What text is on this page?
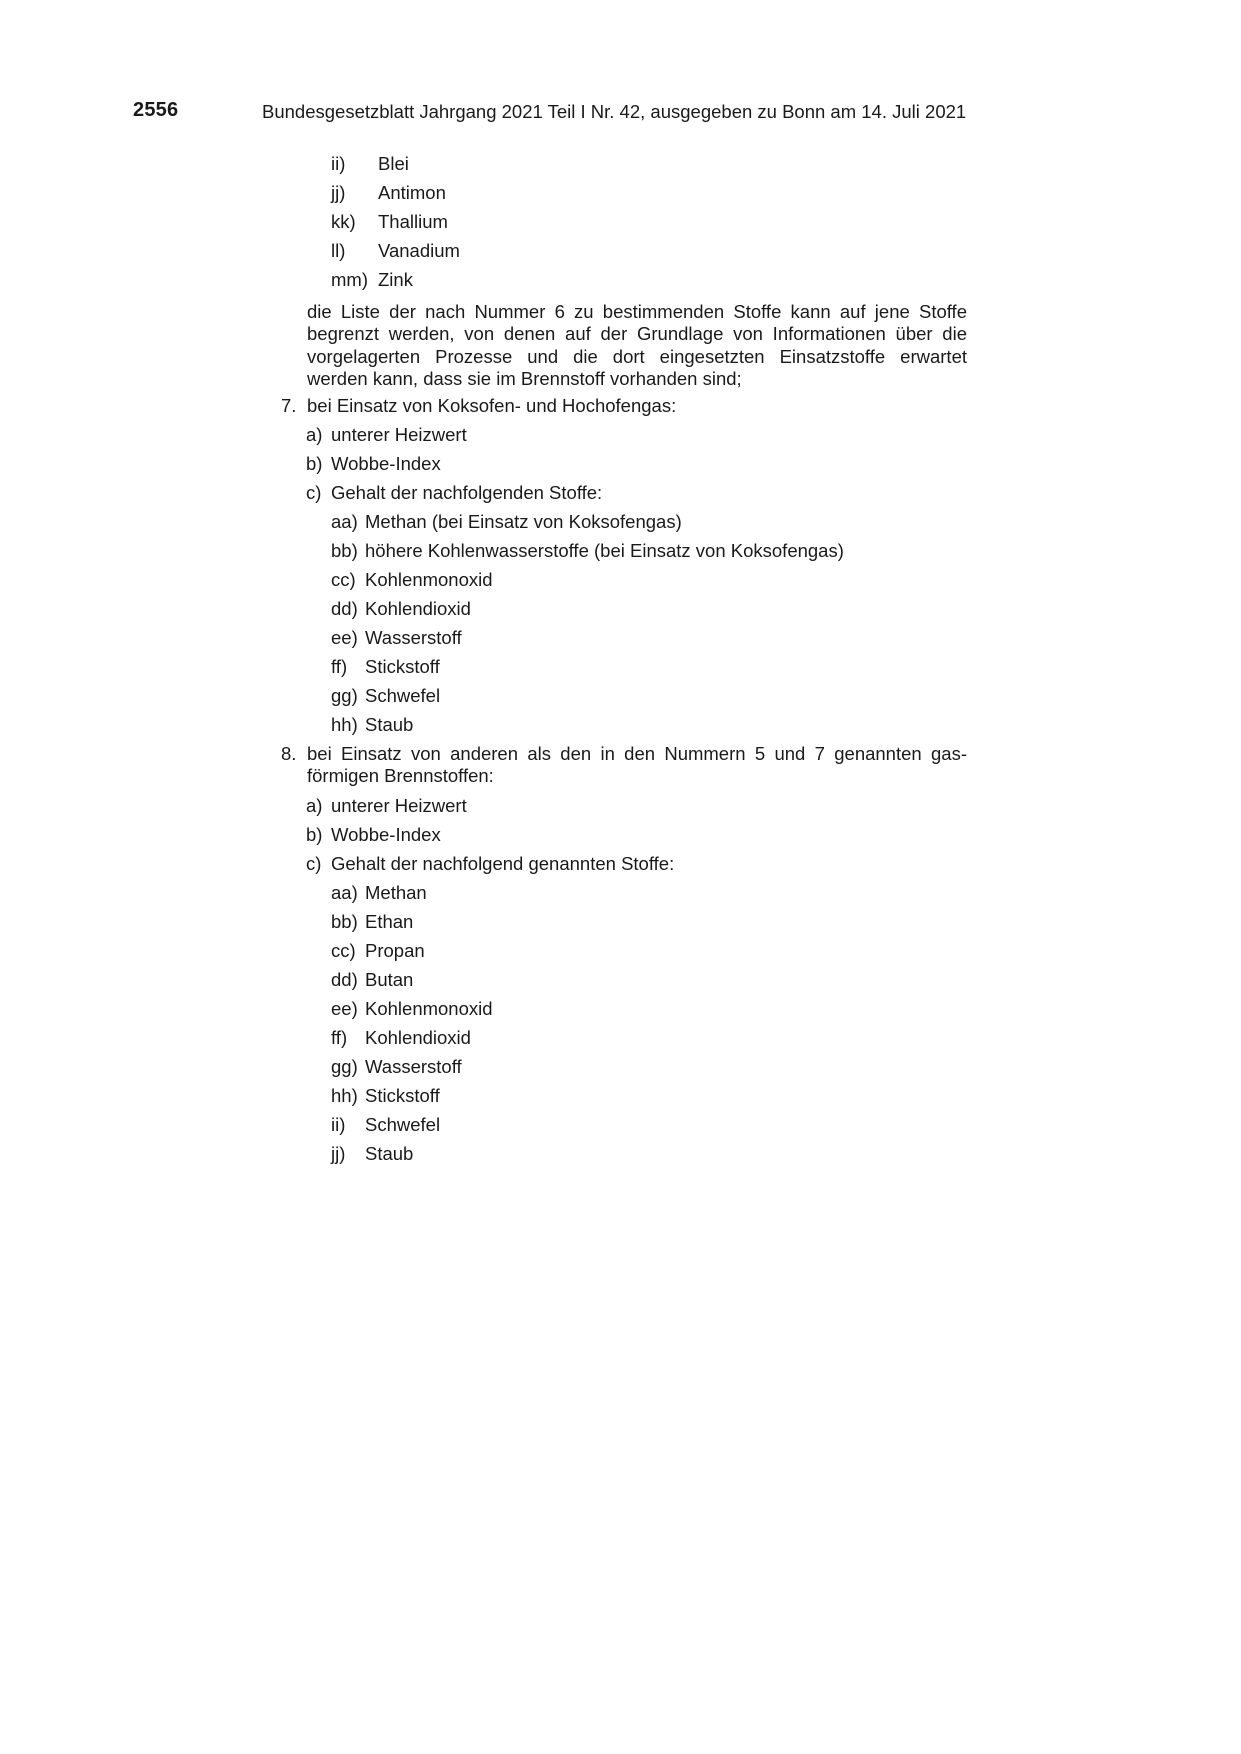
2556	Bundesgesetzblatt Jahrgang 2021 Teil I Nr. 42, ausgegeben zu Bonn am 14. Juli 2021
ii) Blei
jj) Antimon
kk) Thallium
ll) Vanadium
mm) Zink
die Liste der nach Nummer 6 zu bestimmenden Stoffe kann auf jene Stoffe
begrenzt werden, von denen auf der Grundlage von Informationen über die
vorgelagerten Prozesse und die dort eingesetzten Einsatzstoffe erwartet
werden kann, dass sie im Brennstoff vorhanden sind;
7. bei Einsatz von Koksofen- und Hochofengas:
a) unterer Heizwert
b) Wobbe-Index
c) Gehalt der nachfolgenden Stoffe:
aa) Methan (bei Einsatz von Koksofengas)
bb) höhere Kohlenwasserstoffe (bei Einsatz von Koksofengas)
cc) Kohlenmonoxid
dd) Kohlendioxid
ee) Wasserstoff
ff) Stickstoff
gg) Schwefel
hh) Staub
8. bei Einsatz von anderen als den in den Nummern 5 und 7 genannten gas-
förmigen Brennstoffen:
a) unterer Heizwert
b) Wobbe-Index
c) Gehalt der nachfolgend genannten Stoffe:
aa) Methan
bb) Ethan
cc) Propan
dd) Butan
ee) Kohlenmonoxid
ff) Kohlendioxid
gg) Wasserstoff
hh) Stickstoff
ii) Schwefel
jj) Staub
